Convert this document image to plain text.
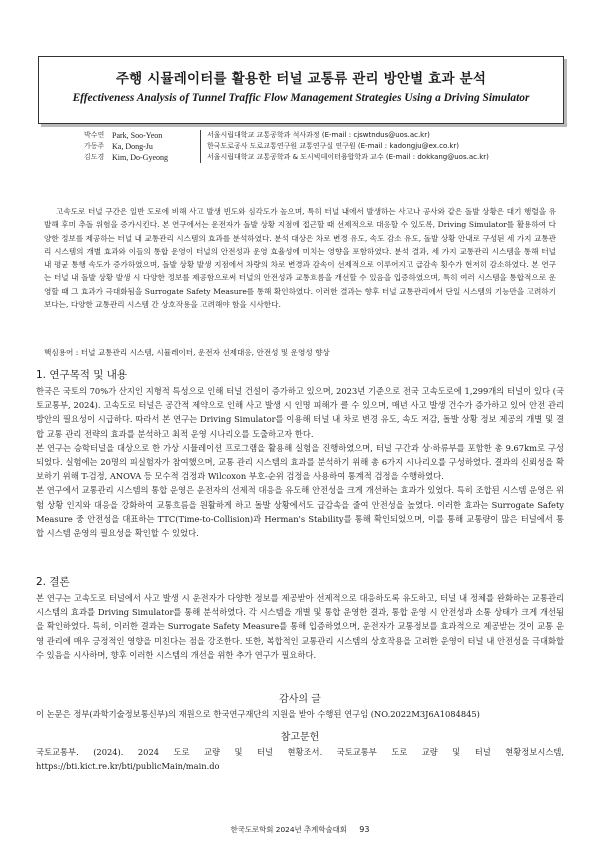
주행 시뮬레이터를 활용한 터널 교통류 관리 방안별 효과 분석
Effectiveness Analysis of Tunnel Traffic Flow Management Strategies Using a Driving Simulator
박수연 Park, Soo-Yeon	서울시립대학교 교통공학과 석사과정 (E-mail : cjswtndus@uos.ac.kr)
가동주 Ka, Dong-Ju	한국도로공사 도로교통연구원 교통연구실 연구원 (E-mail : kadongju@ex.co.kr)
김도경 Kim, Do-Gyeong	서울시립대학교 교통공학과 & 도시빅데이터융합학과 교수 (E-mail : dokkang@uos.ac.kr)

고속도로 터널 구간은 일반 도로에 비해 사고 발생 빈도와 심각도가 높으며, 특히 터널 내에서 발생하는 사고나 공사와 같은 돌발 상황은 대기 행렬을 유발해 후미 추돌 위험을 증가시킨다. 본 연구에서는 운전자가 돌발 상황 지점에 접근할 때 선제적으로 대응할 수 있도록, Driving Simulator를 활용하여 다양한 정보를 제공하는 터널 내 교통관리 시스템의 효과를 분석하였다. 분석 대상은 차로 변경 유도, 속도 감소 유도, 돌발 상황 안내로 구성된 세 가지 교통관리 시스템의 개별 효과와 이들의 통합 운영이 터널의 안전성과 운영 효율성에 미치는 영향을 포함하였다. 분석 결과, 세 가지 교통관리 시스템을 통해 터널 내 평균 통행 속도가 증가하였으며, 돌발 상황 발생 지점에서 차량의 차로 변경과 감속이 선제적으로 이루어지고 급감속 횟수가 현저히 감소하였다. 본 연구는 터널 내 돌발 상황 발생 시 다양한 정보를 제공함으로써 터널의 안전성과 교통흐름을 개선할 수 있음을 입증하였으며, 특히 여러 시스템을 통합적으로 운영할 때 그 효과가 극대화됨을 Surrogate Safety Measure를 통해 확인하였다. 이러한 결과는 향후 터널 교통관리에서 단일 시스템의 기능만을 고려하기보다는, 다양한 교통관리 시스템 간 상호작용을 고려해야 함을 시사한다.

핵심용어 : 터널 교통관리 시스템, 시뮬레이터, 운전자 선제대응, 안전성 및 운영성 향상
1. 연구목적 및 내용

한국은 국토의 70%가 산지인 지형적 특성으로 인해 터널 건설이 증가하고 있으며, 2023년 기준으로 전국 고속도로에 1,299개의 터널이 있다 (국토교통부, 2024). 고속도로 터널은 공간적 제약으로 인해 사고 발생 시 인명 피해가 클 수 있으며, 매년 사고 발생 건수가 증가하고 있어 안전 관리 방안의 필요성이 시급하다. 따라서 본 연구는 Driving Simulator를 이용해 터널 내 차로 변경 유도, 속도 저감, 돌발 상황 정보 제공의 개별 및 결합 교통 관리 전략의 효과를 분석하고 최적 운영 시나리오를 도출하고자 한다.

본 연구는 승학터널을 대상으로 한 가상 시뮬레이션 프로그램을 활용해 실험을 진행하였으며, 터널 구간과 상·하류부를 포함한 총 9.67km로 구성되었다. 실험에는 20명의 피실험자가 참여했으며, 교통 관리 시스템의 효과를 분석하기 위해 총 6가지 시나리오를 구성하였다. 결과의 신뢰성을 확보하기 위해 T-검정, ANOVA 등 모수적 검정과 Wilcoxon 부호-순위 검정을 사용하여 통계적 검정을 수행하였다.

본 연구에서 교통관리 시스템의 통합 운영은 운전자의 선제적 대응을 유도해 안전성을 크게 개선하는 효과가 있었다. 특히 조합된 시스템 운영은 위험 상황 인지와 대응을 강화하여 교통흐름을 원활하게 하고 돌발 상황에서도 급감속을 줄여 안전성을 높였다. 이러한 효과는 Surrogate Safety Measure 중 안전성을 대표하는 TTC(Time-to-Collision)과 Herman's Stability를 통해 확인되었으며, 이를 통해 교통량이 많은 터널에서 통합 시스템 운영의 필요성을 확인할 수 있었다.

2. 결론

본 연구는 고속도로 터널에서 사고 발생 시 운전자가 다양한 정보를 제공받아 선제적으로 대응하도록 유도하고, 터널 내 정체를 완화하는 교통관리 시스템의 효과를 Driving Simulator를 통해 분석하였다. 각 시스템을 개별 및 통합 운영한 결과, 통합 운영 시 안전성과 소통 상태가 크게 개선됨을 확인하였다. 특히, 이러한 결과는 Surrogate Safety Measure를 통해 입증하였으며, 운전자가 교통정보를 효과적으로 제공받는 것이 교통 운영 관리에 매우 긍정적인 영향을 미친다는 점을 강조한다. 또한, 복합적인 교통관리 시스템의 상호작용을 고려한 운영이 터널 내 안전성을 극대화할 수 있음을 시사하며, 향후 이러한 시스템의 개선을 위한 추가 연구가 필요하다.

감사의 글
이 논문은 정부(과학기술정보통신부)의 재원으로 한국연구재단의 지원을 받아 수행된 연구임 (NO.2022M3J6A1084845)
참고문헌
국토교통부. (2024). 2024 도로 교량 및 터널 현황조서. 국토교통부 도로 교량 및 터널 현황정보시스템, https://bti.kict.re.kr/bti/publicMain/main.do
한국도로학회 2024년 추계학술대회 93
